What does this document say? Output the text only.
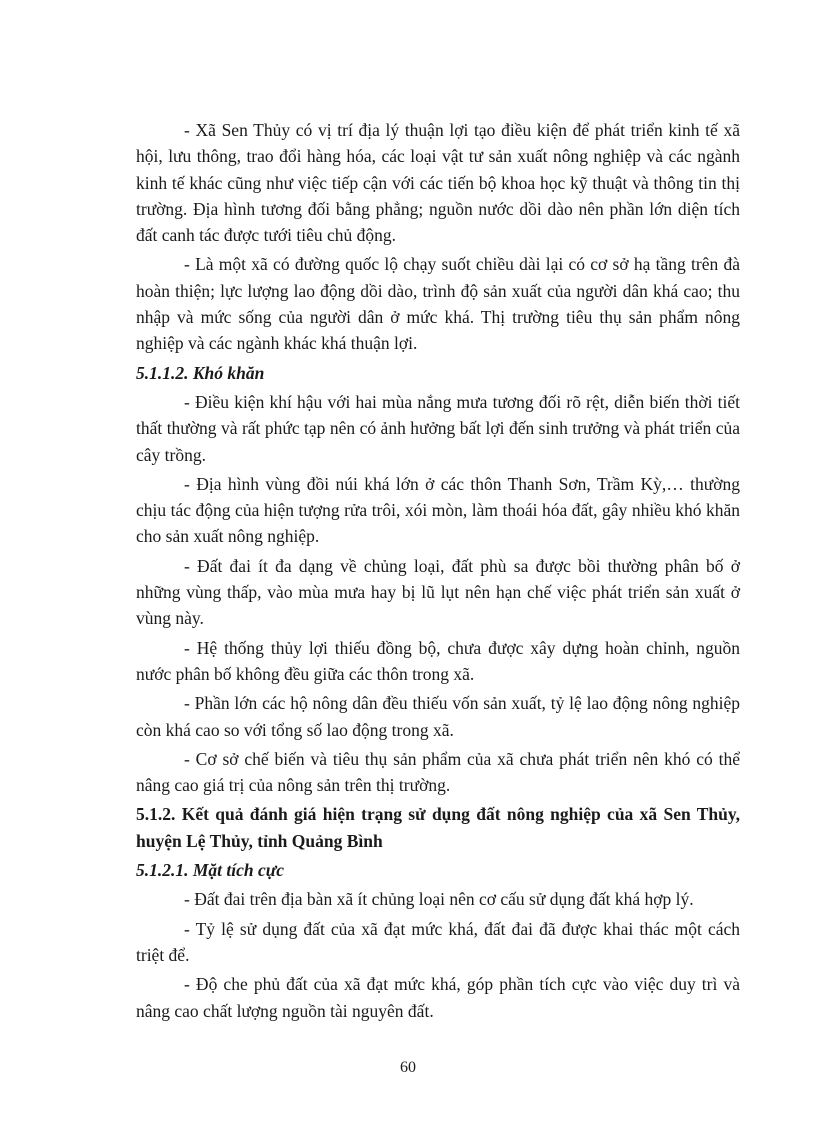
- Xã Sen Thủy có vị trí địa lý thuận lợi tạo điều kiện để phát triển kinh tế xã hội, lưu thông, trao đổi hàng hóa, các loại vật tư sản xuất nông nghiệp và các ngành kinh tế khác cũng như việc tiếp cận với các tiến bộ khoa học kỹ thuật và thông tin thị trường. Địa hình tương đối bằng phẳng; nguồn nước dồi dào nên phần lớn diện tích đất canh tác được tưới tiêu chủ động.

- Là một xã có đường quốc lộ chạy suốt chiều dài lại có cơ sở hạ tầng trên đà hoàn thiện; lực lượng lao động dồi dào, trình độ sản xuất của người dân khá cao; thu nhập và mức sống của người dân ở mức khá. Thị trường tiêu thụ sản phẩm nông nghiệp và các ngành khác khá thuận lợi.

5.1.1.2. Khó khăn

- Điều kiện khí hậu với hai mùa nắng mưa tương đối rõ rệt, diễn biến thời tiết thất thường và rất phức tạp nên có ảnh hưởng bất lợi đến sinh trưởng và phát triển của cây trồng.

- Địa hình vùng đồi núi khá lớn ở các thôn Thanh Sơn, Trầm Kỳ,… thường chịu tác động của hiện tượng rửa trôi, xói mòn, làm thoái hóa đất, gây nhiều khó khăn cho sản xuất nông nghiệp.

- Đất đai ít đa dạng về chủng loại, đất phù sa được bồi thường phân bố ở những vùng thấp, vào mùa mưa hay bị lũ lụt nên hạn chế việc phát triển sản xuất ở vùng này.

- Hệ thống thủy lợi thiếu đồng bộ, chưa được xây dựng hoàn chỉnh, nguồn nước phân bố không đều giữa các thôn trong xã.

- Phần lớn các hộ nông dân đều thiếu vốn sản xuất, tỷ lệ lao động nông nghiệp còn khá cao so với tổng số lao động trong xã.

- Cơ sở chế biến và tiêu thụ sản phẩm của xã chưa phát triển nên khó có thể nâng cao giá trị của nông sản trên thị trường.

5.1.2. Kết quả đánh giá hiện trạng sử dụng đất nông nghiệp của xã Sen Thủy, huyện Lệ Thủy, tỉnh Quảng Bình

5.1.2.1. Mặt tích cực

- Đất đai trên địa bàn xã ít chủng loại nên cơ cấu sử dụng đất khá hợp lý.

- Tỷ lệ sử dụng đất của xã đạt mức khá, đất đai đã được khai thác một cách triệt để.

- Độ che phủ đất của xã đạt mức khá, góp phần tích cực vào việc duy trì và nâng cao chất lượng nguồn tài nguyên đất.

60
